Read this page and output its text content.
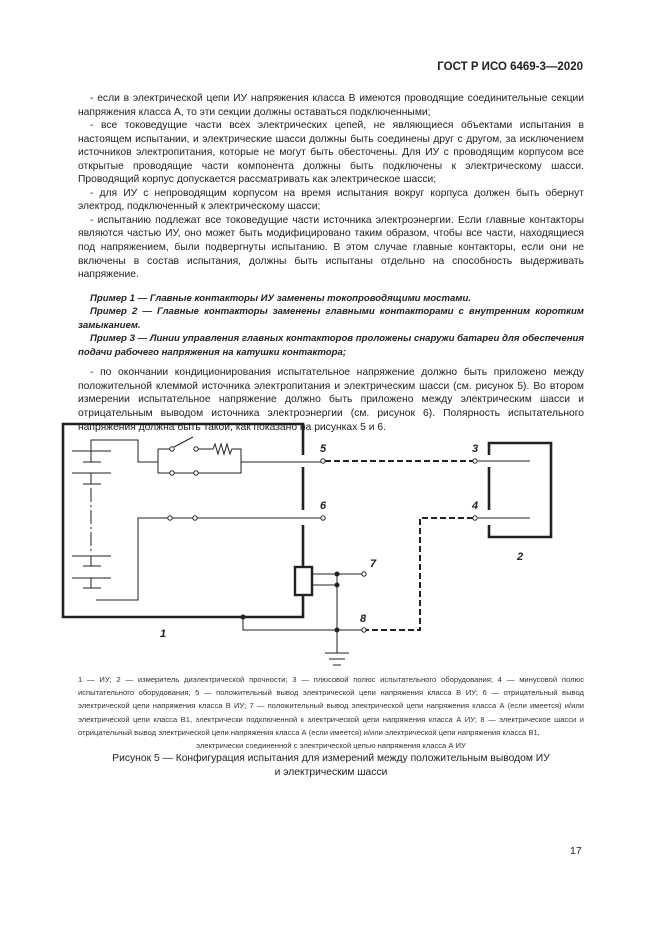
ГОСТ Р ИСО 6469-3—2020

- если в электрической цепи ИУ напряжения класса В имеются проводящие соединительные секции напряжения класса А, то эти секции должны оставаться подключенными;

- все токоведущие части всех электрических цепей, не являющиеся объектами испытания в настоящем испытании, и электрические шасси должны быть соединены друг с другом, за исключением источников электропитания, которые не могут быть обесточены. Для ИУ с проводящим корпусом все открытые проводящие части компонента должны быть подключены к электрическому шасси. Проводящий корпус допускается рассматривать как электрическое шасси;

- для ИУ с непроводящим корпусом на время испытания вокруг корпуса должен быть обернут электрод, подключенный к электрическому шасси;

- испытанию подлежат все токоведущие части источника электроэнергии. Если главные контакторы являются частью ИУ, оно может быть модифицировано таким образом, чтобы все части, находящиеся под напряжением, были подвергнуты испытанию. В этом случае главные контакторы, если они не включены в состав испытания, должны быть испытаны отдельно на способность выдерживать напряжение.

Пример 1 — Главные контакторы ИУ заменены токопроводящими мостами.

Пример 2 — Главные контакторы заменены главными контакторами с внутренним коротким замыканием.

Пример 3 — Линии управления главных контакторов проложены снаружи батареи для обеспечения подачи рабочего напряжения на катушки контактора;

- по окончании кондиционирования испытательное напряжение должно быть приложено между положительной клеммой источника электропитания и электрическим шасси (см. рисунок 5). Во втором измерении испытательное напряжение должно быть приложено между электрическим шасси и отрицательным выводом источника электроэнергии (см. рисунок 6). Полярность испытательного напряжения должна быть такой, как показано на рисунках 5 и 6.

1
2
3
4
5
6
7
8
1 — ИУ; 2 — измеритель диэлектрической прочности; 3 — плюсовой полюс испытательного оборудования; 4 — минусовой полюс испытательного оборудования; 5 — положительный вывод электрической цепи напряжения класса В ИУ; 6 — отрицательный вывод электрической цепи напряжения класса В ИУ; 7 — положительный вывод электрической цепи напряжения класса А (если имеется) и/или электрической цепи класса В1, электрически подключенной к электрической цепи напряжения класса А ИУ; 8 — электрическое шасси и отрицательный вывод электрической цепи напряжения класса А (если имеется) и/или электрической цепи напряжения класса В1,
электрически соединенной с электрической цепью напряжения класса А ИУ
Рисунок 5 — Конфигурация испытания для измерений между положительным выводом ИУ
и электрическим шасси
17
